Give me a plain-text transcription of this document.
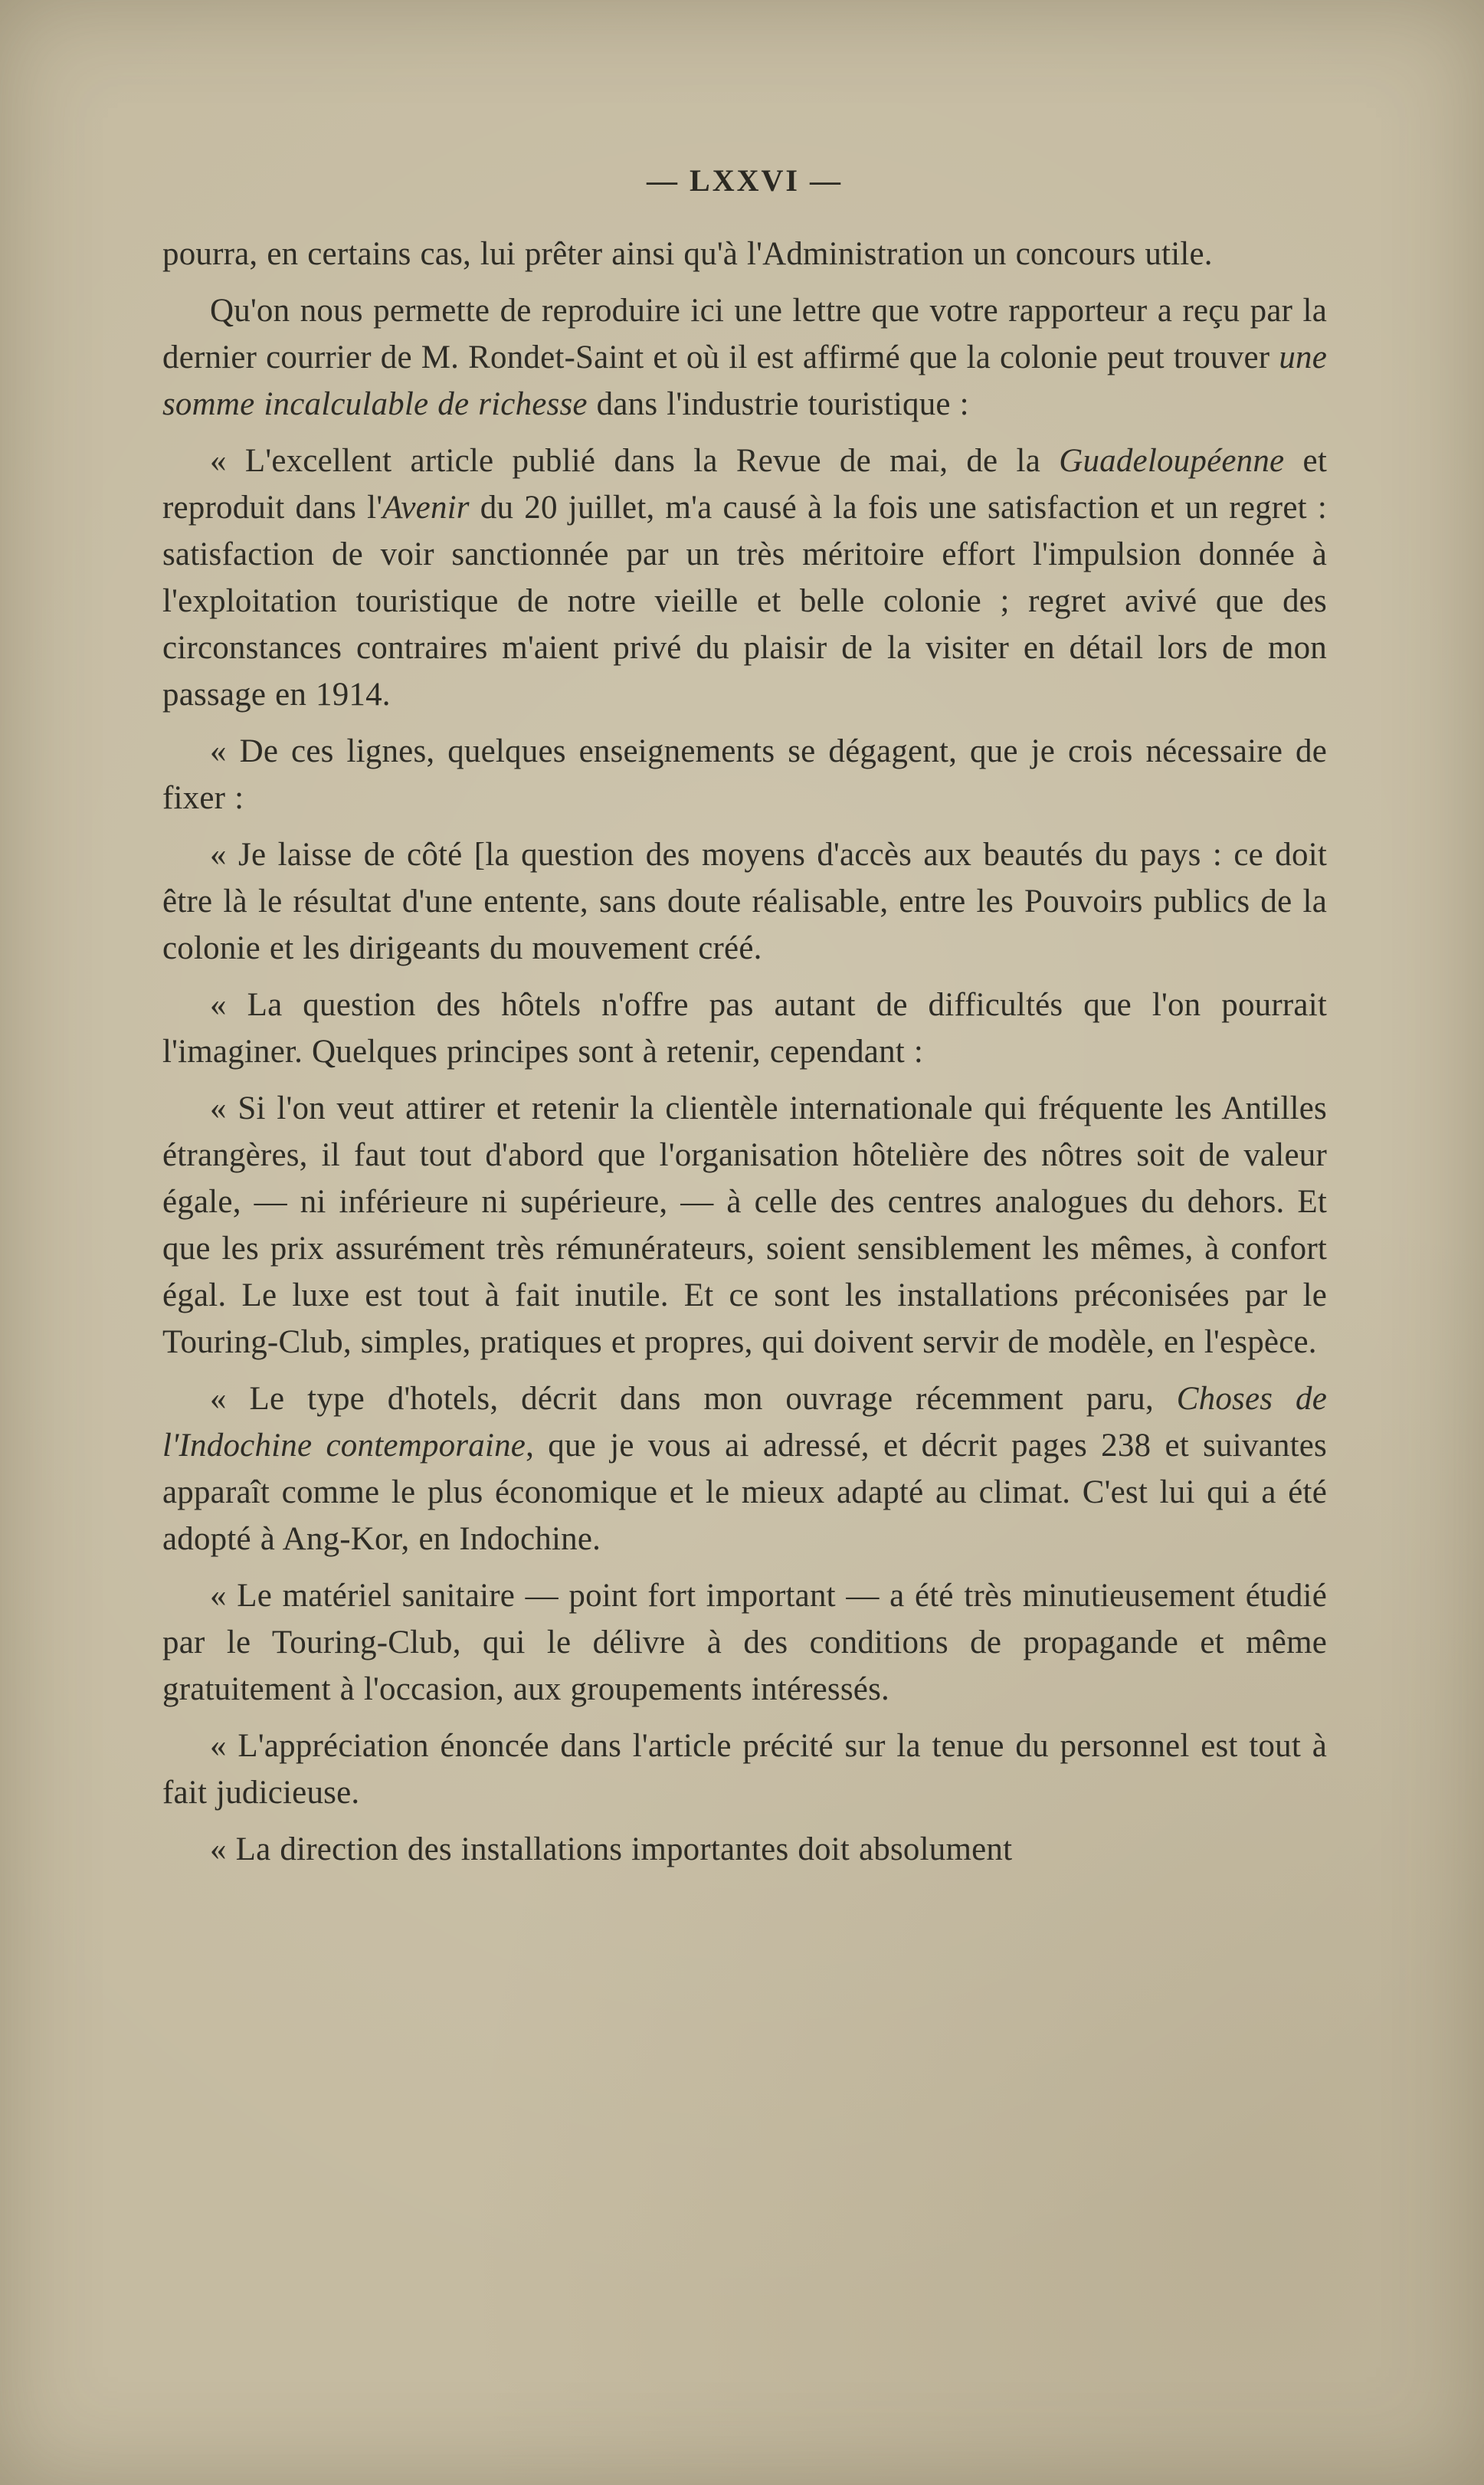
— LXXVI —

pourra, en certains cas, lui prêter ainsi qu'à l'Administration un concours utile.

Qu'on nous permette de reproduire ici une lettre que votre rapporteur a reçu par la dernier courrier de M. Rondet-Saint et où il est affirmé que la colonie peut trouver une somme incalculable de richesse dans l'industrie touristique :

« L'excellent article publié dans la Revue de mai, de la Guadeloupéenne et reproduit dans l'Avenir du 20 juillet, m'a causé à la fois une satisfaction et un regret : satisfaction de voir sanctionnée par un très méritoire effort l'impulsion donnée à l'exploitation touristique de notre vieille et belle colonie ; regret avivé que des circonstances contraires m'aient privé du plaisir de la visiter en détail lors de mon passage en 1914.

« De ces lignes, quelques enseignements se dégagent, que je crois nécessaire de fixer :

« Je laisse de côté [la question des moyens d'accès aux beautés du pays : ce doit être là le résultat d'une entente, sans doute réalisable, entre les Pouvoirs publics de la colonie et les dirigeants du mouvement créé.

« La question des hôtels n'offre pas autant de difficultés que l'on pourrait l'imaginer. Quelques principes sont à retenir, cependant :

« Si l'on veut attirer et retenir la clientèle internationale qui fréquente les Antilles étrangères, il faut tout d'abord que l'organisation hôtelière des nôtres soit de valeur égale, — ni inférieure ni supérieure, — à celle des centres analogues du dehors. Et que les prix assurément très rémunérateurs, soient sensiblement les mêmes, à confort égal. Le luxe est tout à fait inutile. Et ce sont les installations préconisées par le Touring-Club, simples, pratiques et propres, qui doivent servir de modèle, en l'espèce.

« Le type d'hotels, décrit dans mon ouvrage récemment paru, Choses de l'Indochine contemporaine, que je vous ai adressé, et décrit pages 238 et suivantes apparaît comme le plus économique et le mieux adapté au climat. C'est lui qui a été adopté à Ang-Kor, en Indochine.

« Le matériel sanitaire — point fort important — a été très minutieusement étudié par le Touring-Club, qui le délivre à des conditions de propagande et même gratuitement à l'occasion, aux groupements intéressés.

« L'appréciation énoncée dans l'article précité sur la tenue du personnel est tout à fait judicieuse.

« La direction des installations importantes doit absolument
